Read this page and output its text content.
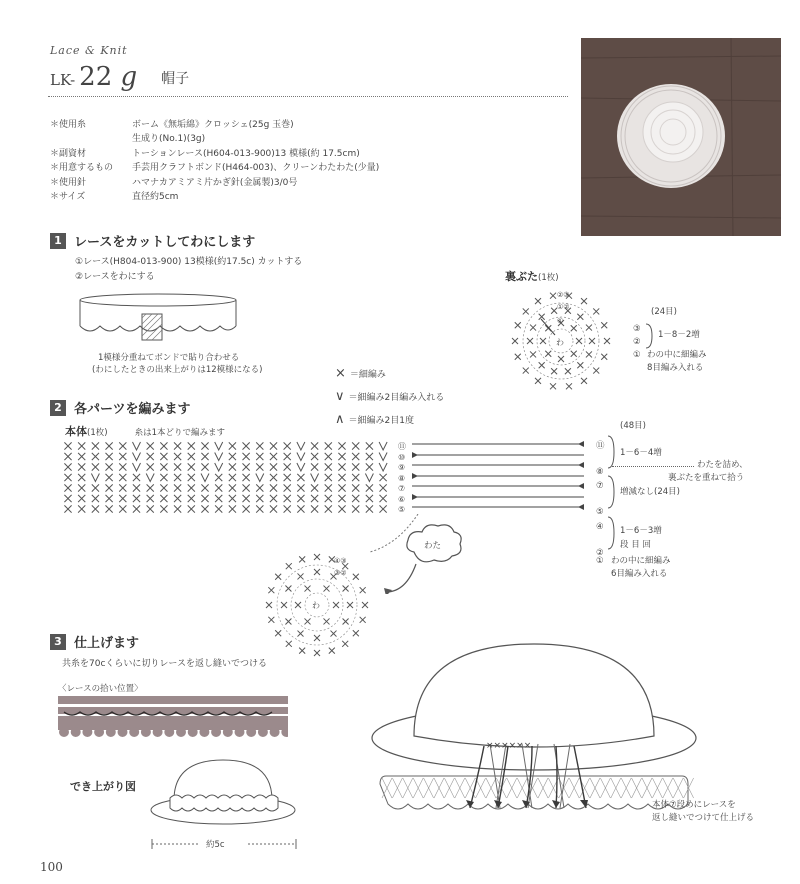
Lace & Knit
LK- 22 g 帽子
＊使用糸	ボーム《無垢綿》クロッシェ(25g 玉巻)
生成り(No.1)(3g)
＊副資材	トーションレース(H604-013-900)13 模様(約 17.5cm)
＊用意するもの	手芸用クラフトボンド(H464-003)、クリーンわたわた(少量)
＊使用針	ハマナカアミアミ片かぎ針(金属製)3/0号
＊サイズ	直径約5cm
1 レースをカットしてわにします
①レース(H804-013-900) 13模様(約17.5c) カットする
②レースをわにする
1模様分重ねてボンドで貼り合わせる
(わにしたときの出来上がりは12模様になる)
裏ぶた(1枚)
わ
②③
①②
①
(24目)
③
②
1－8－2増
① わの中に細編み
8目編み入れる
× ＝細編み
∨ ＝細編み2目編み入れる
∧ ＝細編み2目1度
2 各パーツを編みます
本体(1枚)	糸は1本どりで編みます
⑪
⑩
⑨
⑧
⑦
⑥
⑤
(48目)
⑪
⑧
1－6－4増
わたを詰め、
裏ぶたを重ねて拾う
⑦
⑤
増減なし(24目)
④
②
1－6－3増
段 目 回
① わの中に細編み
6目編み入れる
わた
わ
④③
③②
3 仕上げます
共糸を70cくらいに切りレースを返し縫いでつける
〈レースの拾い位置〉
でき上がり図
約5c
××××××
本体⑦段めにレースを
返し縫いでつけて仕上げる
100
